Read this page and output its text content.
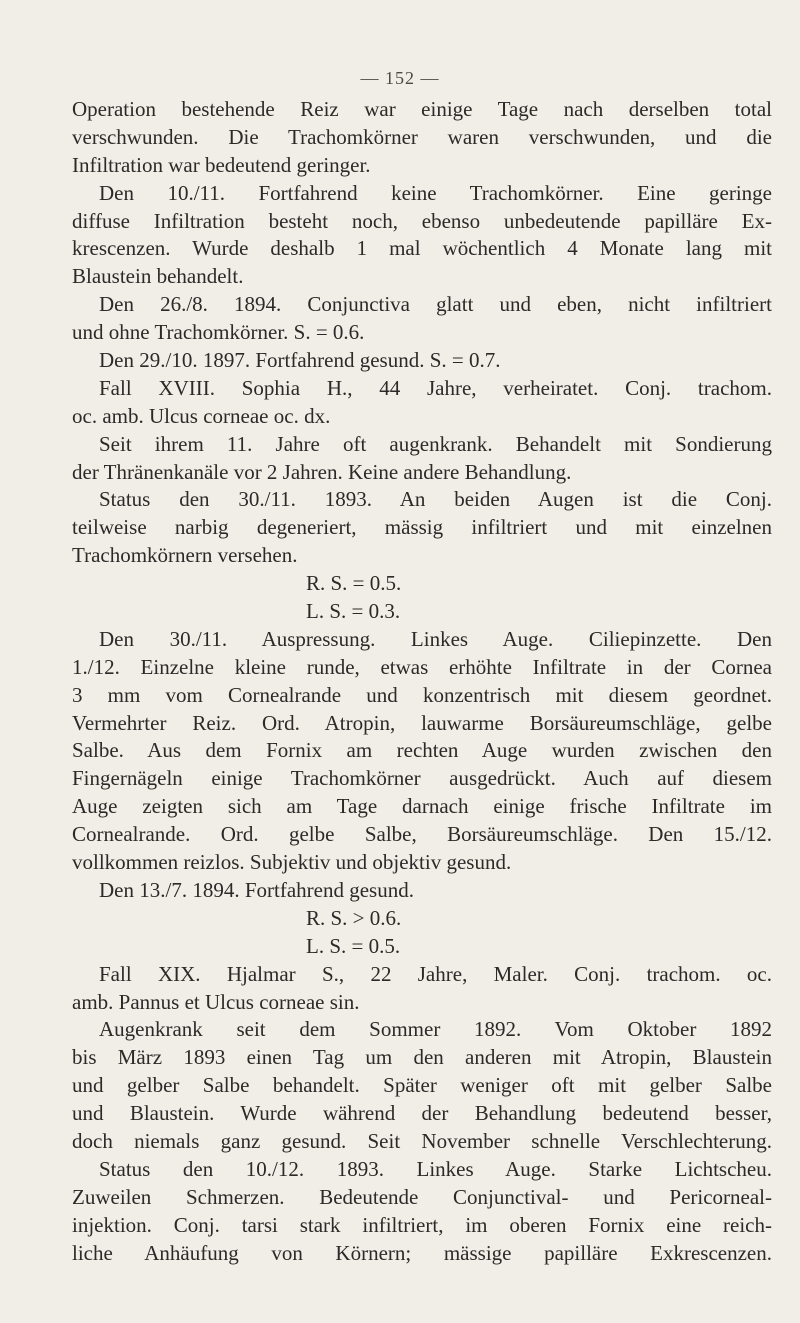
— 152 —
Operation bestehende Reiz war einige Tage nach derselben total
verschwunden. Die Trachomkörner waren verschwunden, und die
Infiltration war bedeutend geringer.
Den 10./11. Fortfahrend keine Trachomkörner. Eine geringe
diffuse Infiltration besteht noch, ebenso unbedeutende papilläre Ex-
krescenzen. Wurde deshalb 1 mal wöchentlich 4 Monate lang mit
Blaustein behandelt.
Den 26./8. 1894. Conjunctiva glatt und eben, nicht infiltriert
und ohne Trachomkörner. S. = 0.6.
Den 29./10. 1897. Fortfahrend gesund. S. = 0.7.
Fall XVIII. Sophia H., 44 Jahre, verheiratet. Conj. trachom.
oc. amb. Ulcus corneae oc. dx.
Seit ihrem 11. Jahre oft augenkrank. Behandelt mit Sondierung
der Thränenkanäle vor 2 Jahren. Keine andere Behandlung.
Status den 30./11. 1893. An beiden Augen ist die Conj.
teilweise narbig degeneriert, mässig infiltriert und mit einzelnen
Trachomkörnern versehen.
R. S. = 0.5.
L. S. = 0.3.
Den 30./11. Auspressung. Linkes Auge. Ciliepinzette. Den
1./12. Einzelne kleine runde, etwas erhöhte Infiltrate in der Cornea
3 mm vom Cornealrande und konzentrisch mit diesem geordnet.
Vermehrter Reiz. Ord. Atropin, lauwarme Borsäureumschläge, gelbe
Salbe. Aus dem Fornix am rechten Auge wurden zwischen den
Fingernägeln einige Trachomkörner ausgedrückt. Auch auf diesem
Auge zeigten sich am Tage darnach einige frische Infiltrate im
Cornealrande. Ord. gelbe Salbe, Borsäureumschläge. Den 15./12.
vollkommen reizlos. Subjektiv und objektiv gesund.
Den 13./7. 1894. Fortfahrend gesund.
R. S. > 0.6.
L. S. = 0.5.
Fall XIX. Hjalmar S., 22 Jahre, Maler. Conj. trachom. oc.
amb. Pannus et Ulcus corneae sin.
Augenkrank seit dem Sommer 1892. Vom Oktober 1892
bis März 1893 einen Tag um den anderen mit Atropin, Blaustein
und gelber Salbe behandelt. Später weniger oft mit gelber Salbe
und Blaustein. Wurde während der Behandlung bedeutend besser,
doch niemals ganz gesund. Seit November schnelle Verschlechterung.
Status den 10./12. 1893. Linkes Auge. Starke Lichtscheu.
Zuweilen Schmerzen. Bedeutende Conjunctival- und Pericorneal-
injektion. Conj. tarsi stark infiltriert, im oberen Fornix eine reich-
liche Anhäufung von Körnern; mässige papilläre Exkrescenzen.
